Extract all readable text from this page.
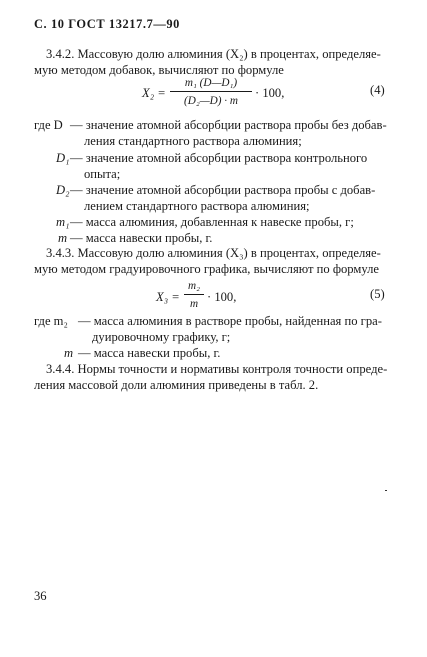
С. 10 ГОСТ 13217.7—90
3.4.2. Массовую долю алюминия (X₂) в процентах, определяе-
мую методом добавок, вычисляют по формуле
X₂ =
m₁ (D—D₁)
(D₂—D) · m
· 100,	(4)
где D — значение атомной абсорбции раствора пробы без добав-
ления стандартного раствора алюминия;
D₁ — значение атомной абсорбции раствора контрольного
опыта;
D₂ — значение атомной абсорбции раствора пробы с добав-
лением стандартного раствора алюминия;
m₁ — масса алюминия, добавленная к навеске пробы, г;
m — масса навески пробы, г.
3.4.3. Массовую долю алюминия (X₃) в процентах, определяе-
мую методом градуировочного графика, вычисляют по формуле
X₃ =
m₂
m · 100,	(5)
где m₂ — масса алюминия в растворе пробы, найденная по гра-
дуировочному графику, г;
m — масса навески пробы, г.
3.4.4. Нормы точности и нормативы контроля точности опреде-
ления массовой доли алюминия приведены в табл. 2.
36
